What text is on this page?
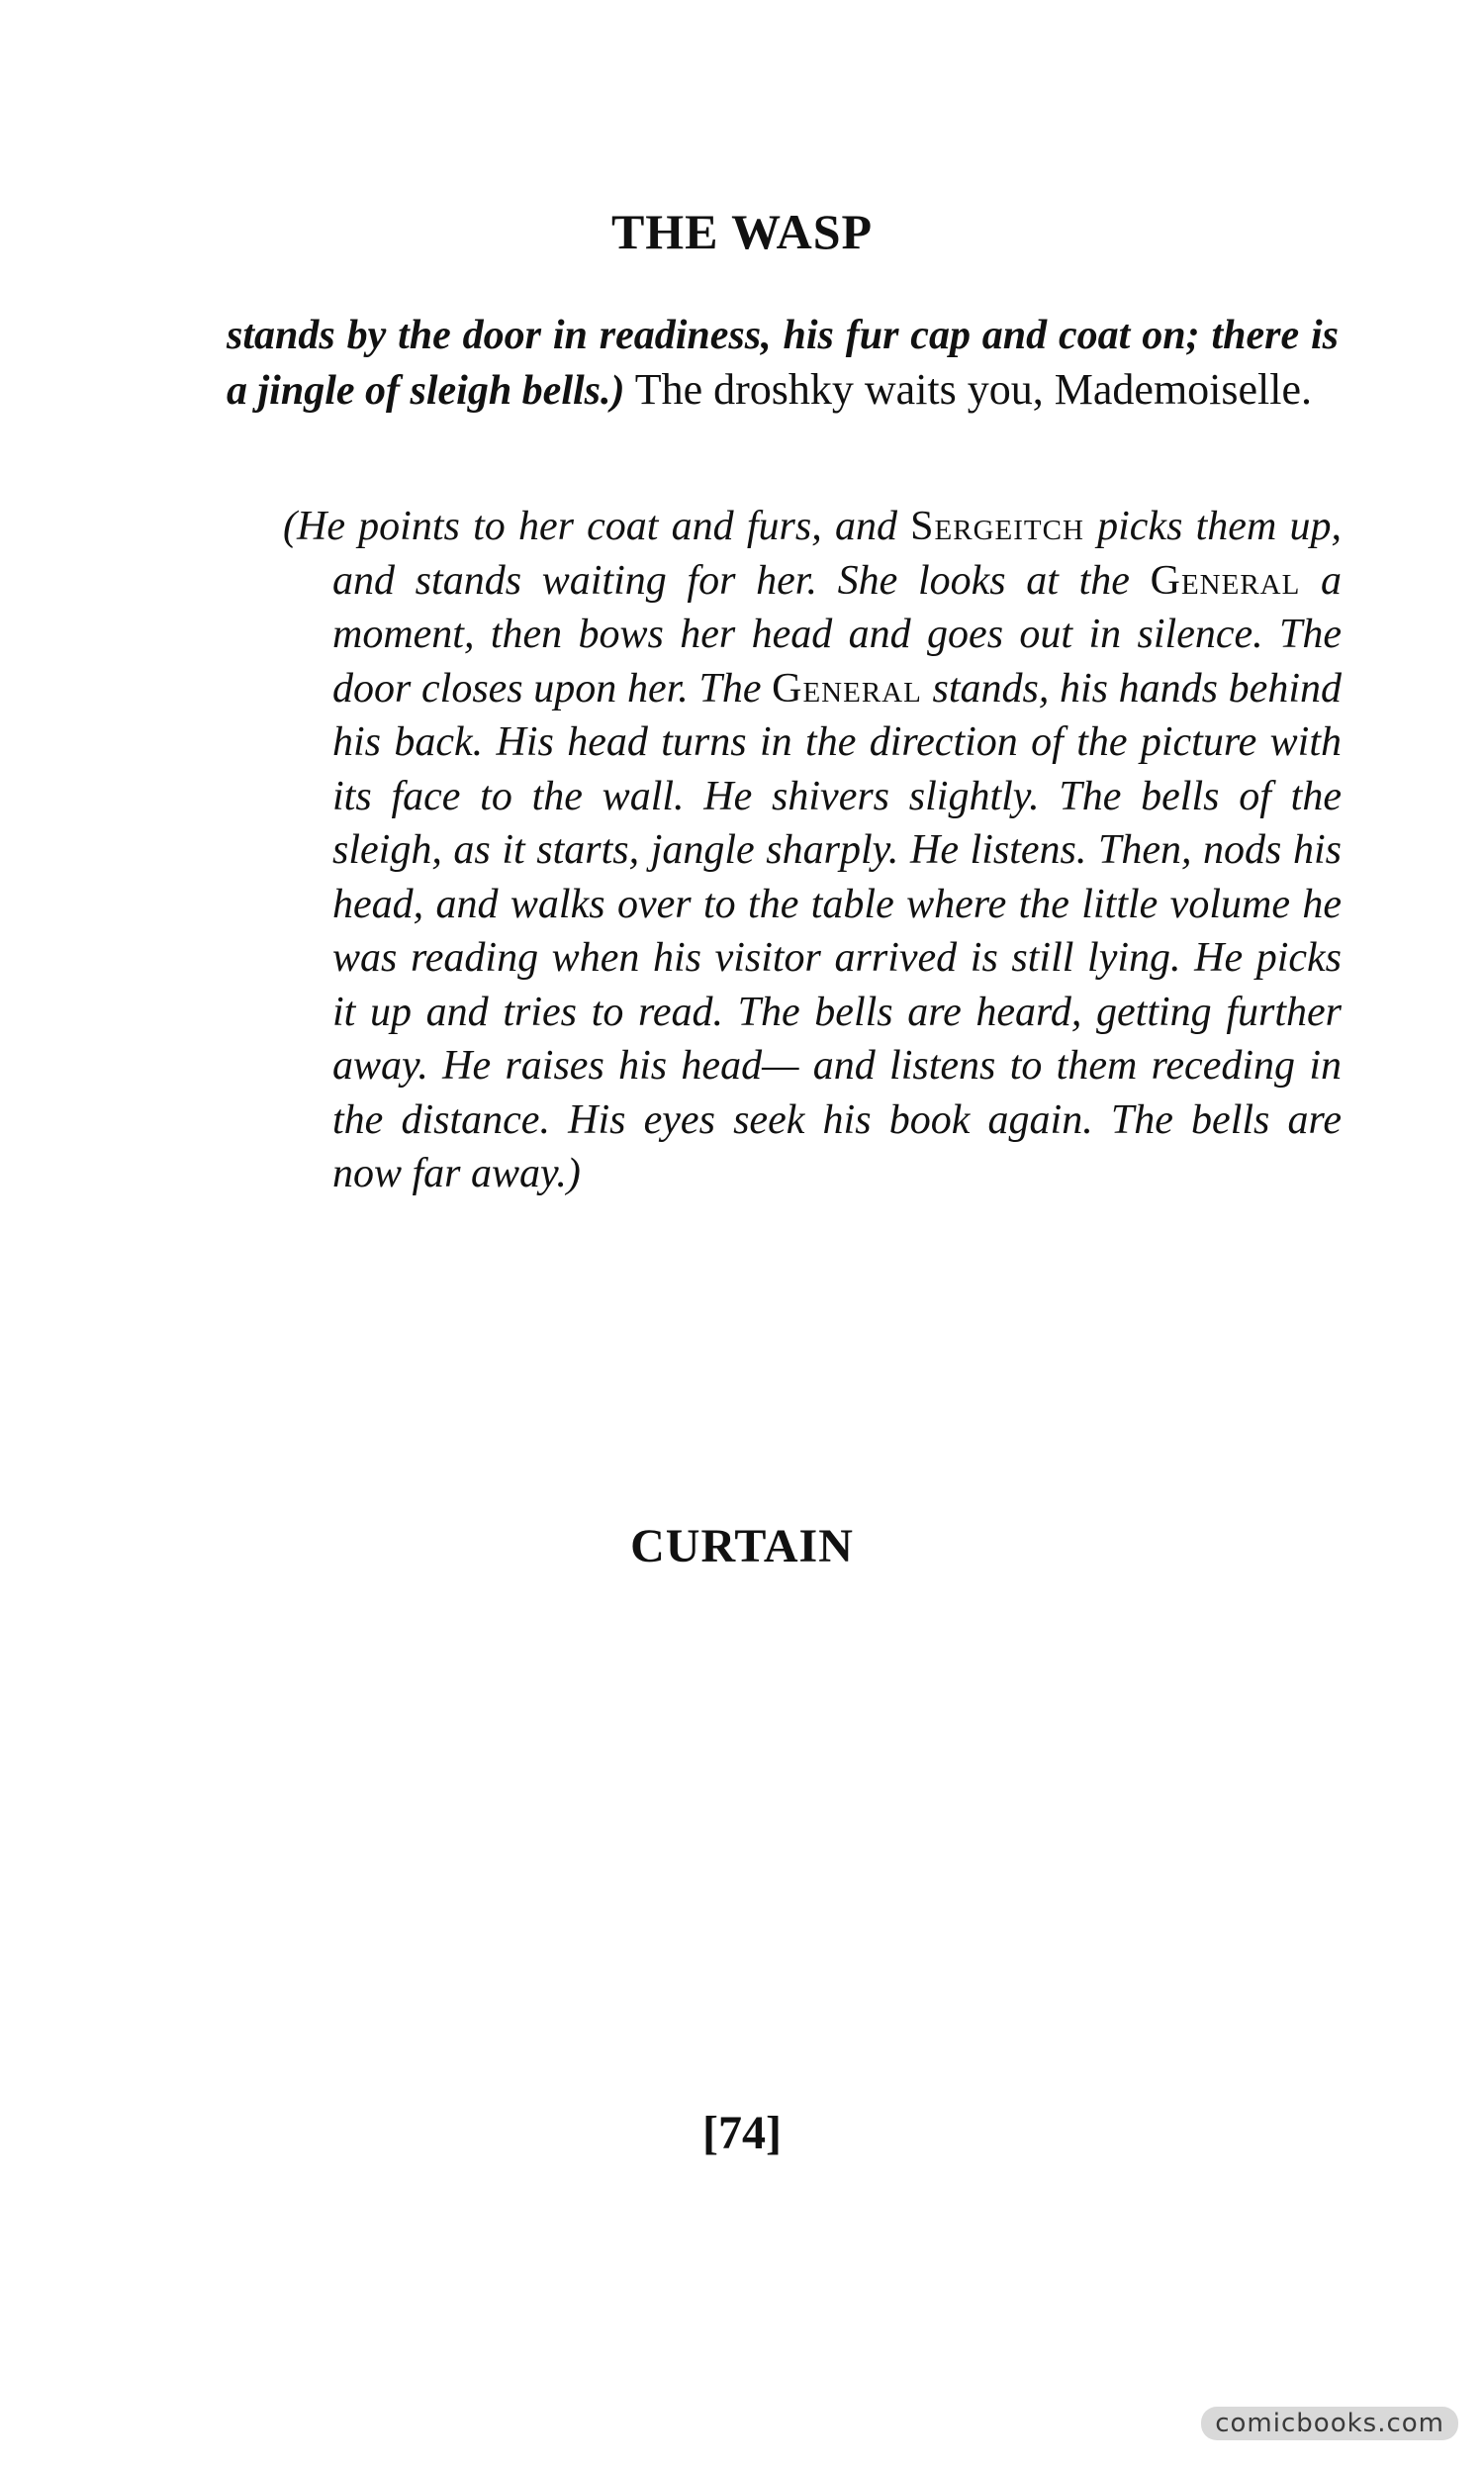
THE WASP
stands by the door in readiness, his fur cap and coat on; there is a jingle of sleigh bells.) The droshky waits you, Mademoiselle.
(He points to her coat and furs, and Sergeitch picks them up, and stands waiting for her. She looks at the General a moment, then bows her head and goes out in silence. The door closes upon her. The General stands, his hands behind his back. His head turns in the direction of the picture with its face to the wall. He shivers slightly. The bells of the sleigh, as it starts, jangle sharply. He listens. Then, nods his head, and walks over to the table where the little volume he was reading when his visitor arrived is still lying. He picks it up and tries to read. The bells are heard, getting further away. He raises his head— and listens to them receding in the distance. His eyes seek his book again. The bells are now far away.)
CURTAIN
[74]
comicbooks.com
